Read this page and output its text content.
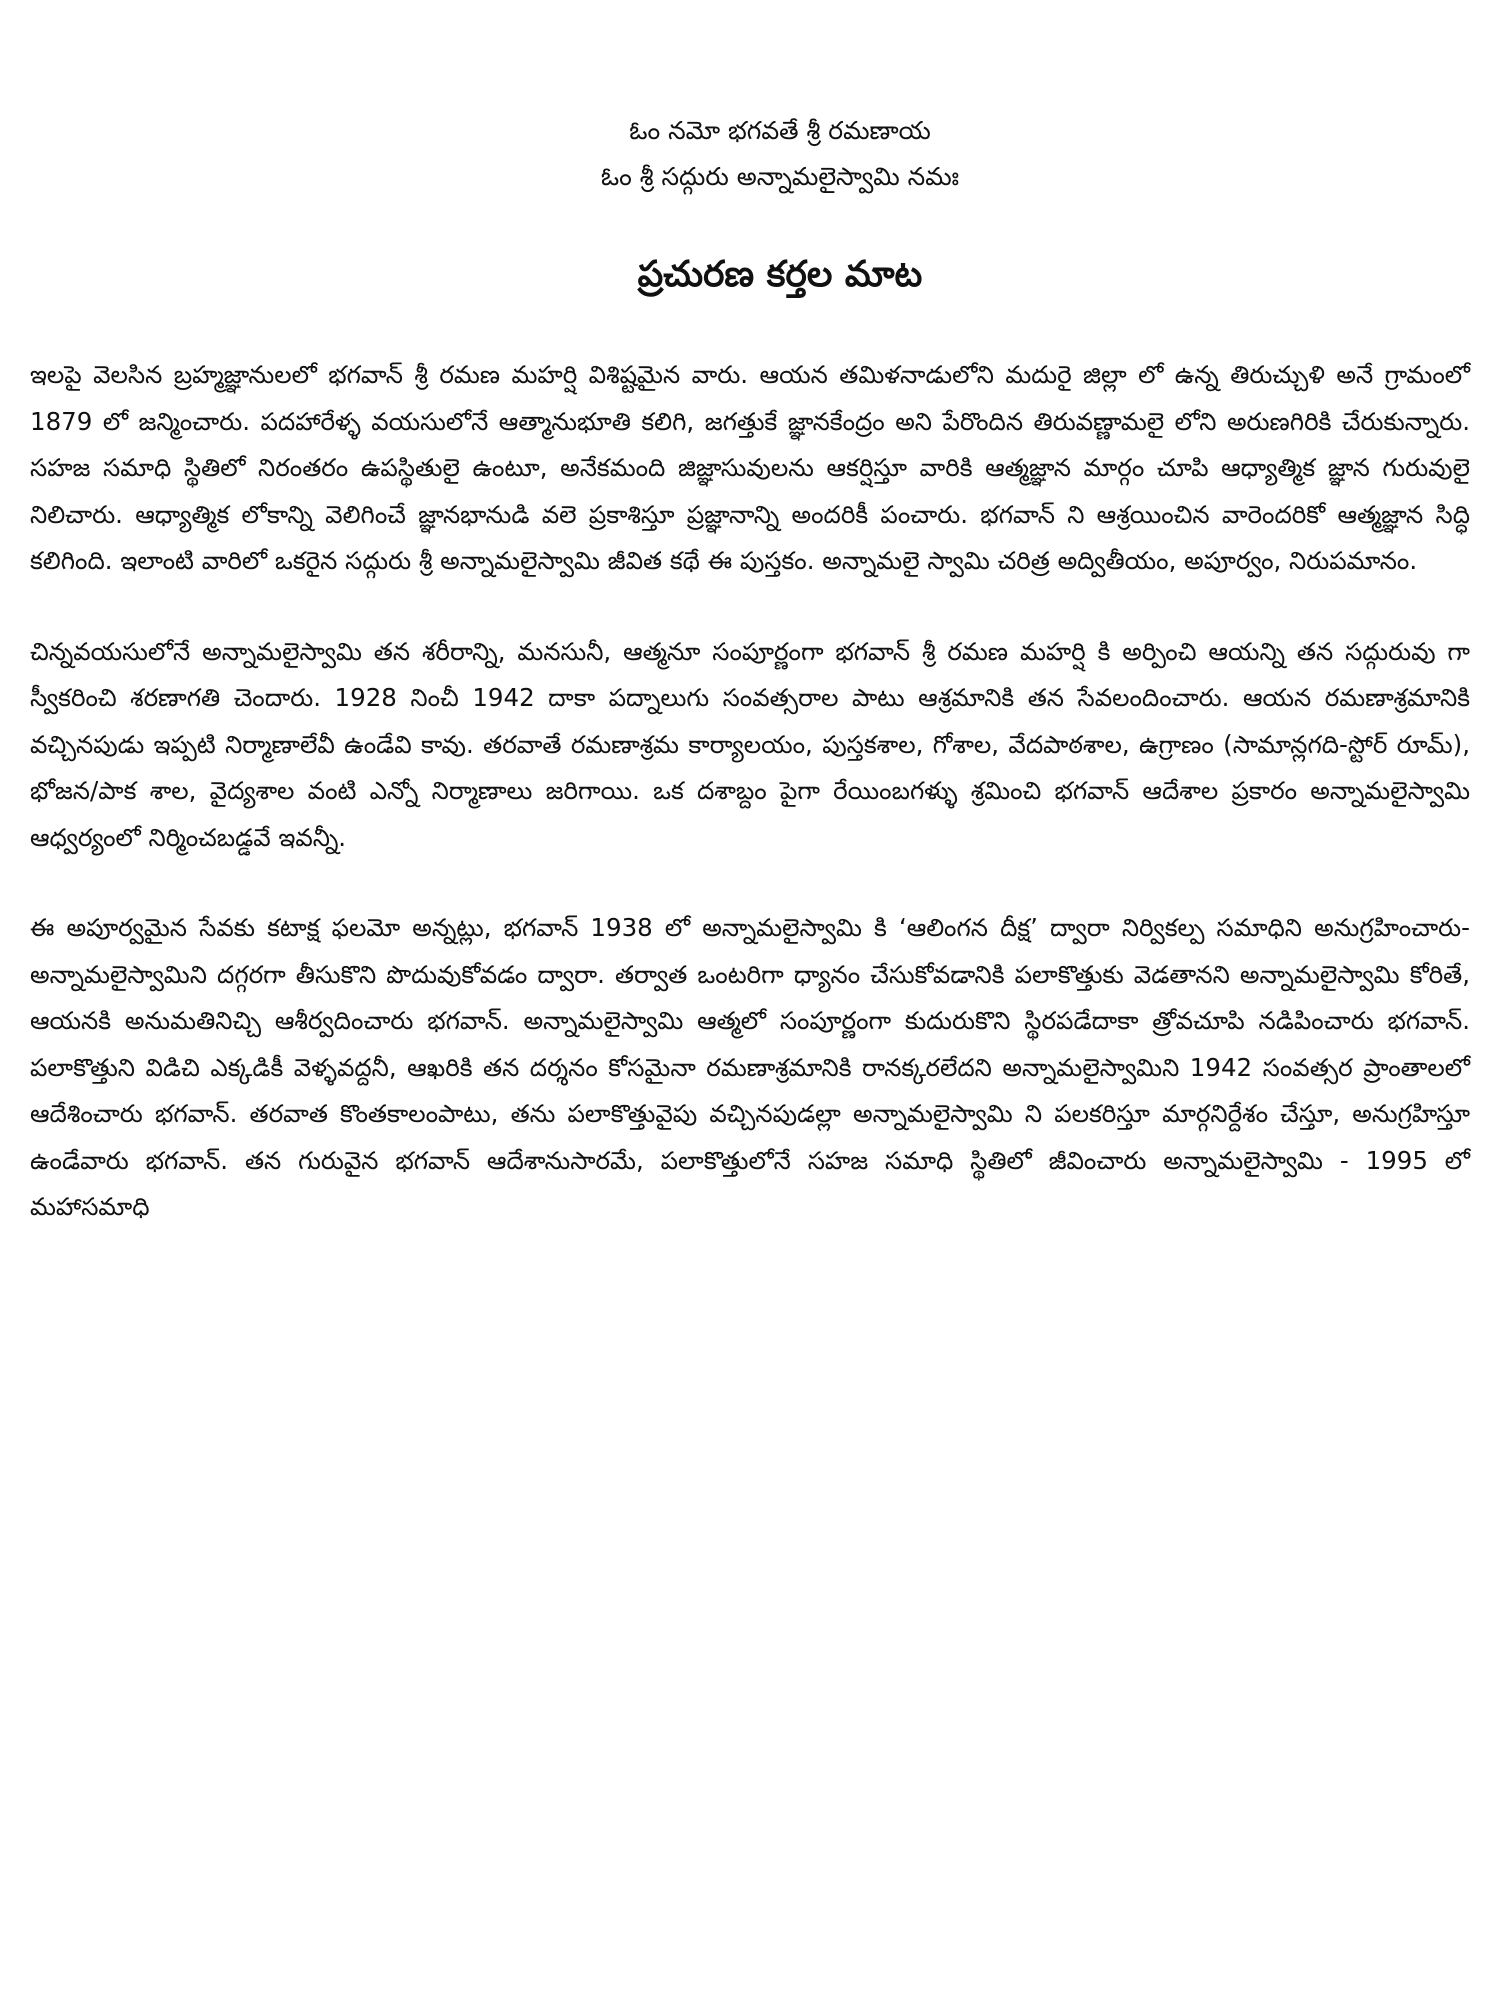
ఓం నమో భగవతే శ్రీ రమణాయ
ఓం శ్రీ సద్గురు అన్నామలైస్వామి నమః
ప్రచురణ కర్తల మాట

ఇలపై వెలసిన బ్రహ్మజ్ఞానులలో భగవాన్ శ్రీ రమణ మహర్షి విశిష్టమైన వారు. ఆయన తమిళనాడులోని మదురై జిల్లా లో ఉన్న తిరుచ్చుళి అనే గ్రామంలో 1879 లో జన్మించారు. పదహారేళ్ళ వయసులోనే ఆత్మానుభూతి కలిగి, జగత్తుకే జ్ఞానకేంద్రం అని పేరొందిన తిరువణ్ణామలై లోని అరుణగిరికి చేరుకున్నారు. సహజ సమాధి స్థితిలో నిరంతరం ఉపస్థితులై ఉంటూ, అనేకమంది జిజ్ఞాసువులను ఆకర్షిస్తూ వారికి ఆత్మజ్ఞాన మార్గం చూపి ఆధ్యాత్మిక జ్ఞాన గురువులై నిలిచారు. ఆధ్యాత్మిక లోకాన్ని వెలిగించే జ్ఞానభానుడి వలె ప్రకాశిస్తూ ప్రజ్ఞానాన్ని అందరికీ పంచారు. భగవాన్ ని ఆశ్రయించిన వారెందరికో ఆత్మజ్ఞాన సిద్ధి కలిగింది. ఇలాంటి వారిలో ఒకరైన సద్గురు శ్రీ అన్నామలైస్వామి జీవిత కథే ఈ పుస్తకం. అన్నామలై స్వామి చరిత్ర అద్వితీయం, అపూర్వం, నిరుపమానం.

చిన్నవయసులోనే అన్నామలైస్వామి తన శరీరాన్ని, మనసునీ, ఆత్మనూ సంపూర్ణంగా భగవాన్ శ్రీ రమణ మహర్షి కి అర్పించి ఆయన్ని తన సద్గురువు గా స్వీకరించి శరణాగతి చెందారు. 1928 నించీ 1942 దాకా పద్నాలుగు సంవత్సరాల పాటు ఆశ్రమానికి తన సేవలందించారు. ఆయన రమణాశ్రమానికి వచ్చినపుడు ఇప్పటి నిర్మాణాలేవీ ఉండేవి కావు. తరవాతే రమణాశ్రమ కార్యాలయం, పుస్తకశాల, గోశాల, వేదపాఠశాల, ఉగ్రాణం (సామాన్లగది-స్టోర్ రూమ్), భోజన/పాక శాల, వైద్యశాల వంటి ఎన్నో నిర్మాణాలు జరిగాయి. ఒక దశాబ్దం పైగా రేయింబగళ్ళు శ్రమించి భగవాన్ ఆదేశాల ప్రకారం అన్నామలైస్వామి ఆధ్వర్యంలో నిర్మించబడ్డవే ఇవన్నీ.

ఈ అపూర్వమైన సేవకు కటాక్ష ఫలమో అన్నట్లు, భగవాన్ 1938 లో అన్నామలైస్వామి కి ‘ఆలింగన దీక్ష’ ద్వారా నిర్వికల్ప సమాధిని అనుగ్రహించారు- అన్నామలైస్వామిని దగ్గరగా తీసుకొని పొదువుకోవడం ద్వారా. తర్వాత ఒంటరిగా ధ్యానం చేసుకోవడానికి పలాకొత్తుకు వెడతానని అన్నామలైస్వామి కోరితే, ఆయనకి అనుమతినిచ్చి ఆశీర్వదించారు భగవాన్. అన్నామలైస్వామి ఆత్మలో సంపూర్ణంగా కుదురుకొని స్థిరపడేదాకా త్రోవచూపి నడిపించారు భగవాన్. పలాకొత్తుని విడిచి ఎక్కడికీ వెళ్ళవద్దనీ, ఆఖరికి తన దర్శనం కోసమైనా రమణాశ్రమానికి రానక్కరలేదని అన్నామలైస్వామిని 1942 సంవత్సర ప్రాంతాలలో ఆదేశించారు భగవాన్. తరవాత కొంతకాలంపాటు, తను పలాకొత్తువైపు వచ్చినపుడల్లా అన్నామలైస్వామి ని పలకరిస్తూ మార్గనిర్దేశం చేస్తూ, అనుగ్రహిస్తూ ఉండేవారు భగవాన్. తన గురువైన భగవాన్ ఆదేశానుసారమే, పలాకొత్తులోనే సహజ సమాధి స్థితిలో జీవించారు అన్నామలైస్వామి - 1995 లో మహాసమాధి
